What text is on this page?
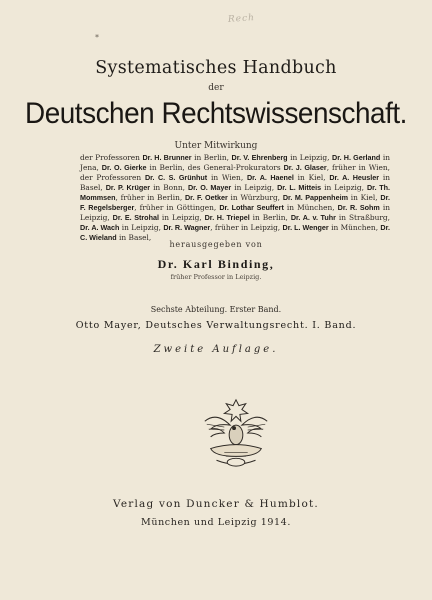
*
Rech
Systematisches Handbuch
der
Deutschen Rechtswissenschaft.
Unter Mitwirkung
der Professoren Dr. H. Brunner in Berlin, Dr. V. Ehrenberg in Leipzig, Dr. H. Gerland in Jena, Dr. O. Gierke in Berlin, des General-Prokurators Dr. J. Glaser, früher in Wien, der Professoren Dr. C. S. Grünhut in Wien, Dr. A. Haenel in Kiel, Dr. A. Heusler in Basel, Dr. P. Krüger in Bonn, Dr. O. Mayer in Leipzig, Dr. L. Mitteis in Leipzig, Dr. Th. Mommsen, früher in Berlin, Dr. F. Oetker in Würzburg, Dr. M. Pappenheim in Kiel, Dr. F. Regelsberger, früher in Göttingen, Dr. Lothar Seuffert in München, Dr. R. Sohm in Leipzig, Dr. E. Strohal in Leipzig, Dr. H. Triepel in Berlin, Dr. A. v. Tuhr in Straßburg, Dr. A. Wach in Leipzig, Dr. R. Wagner, früher in Leipzig, Dr. L. Wenger in München, Dr. C. Wieland in Basel,
herausgegeben von
Dr. Karl Binding,
früher Professor in Leipzig.
Sechste Abteilung. Erster Band.
Otto Mayer, Deutsches Verwaltungsrecht. I. Band.
Zweite Auflage.
Verlag von Duncker & Humblot.
München und Leipzig 1914.
